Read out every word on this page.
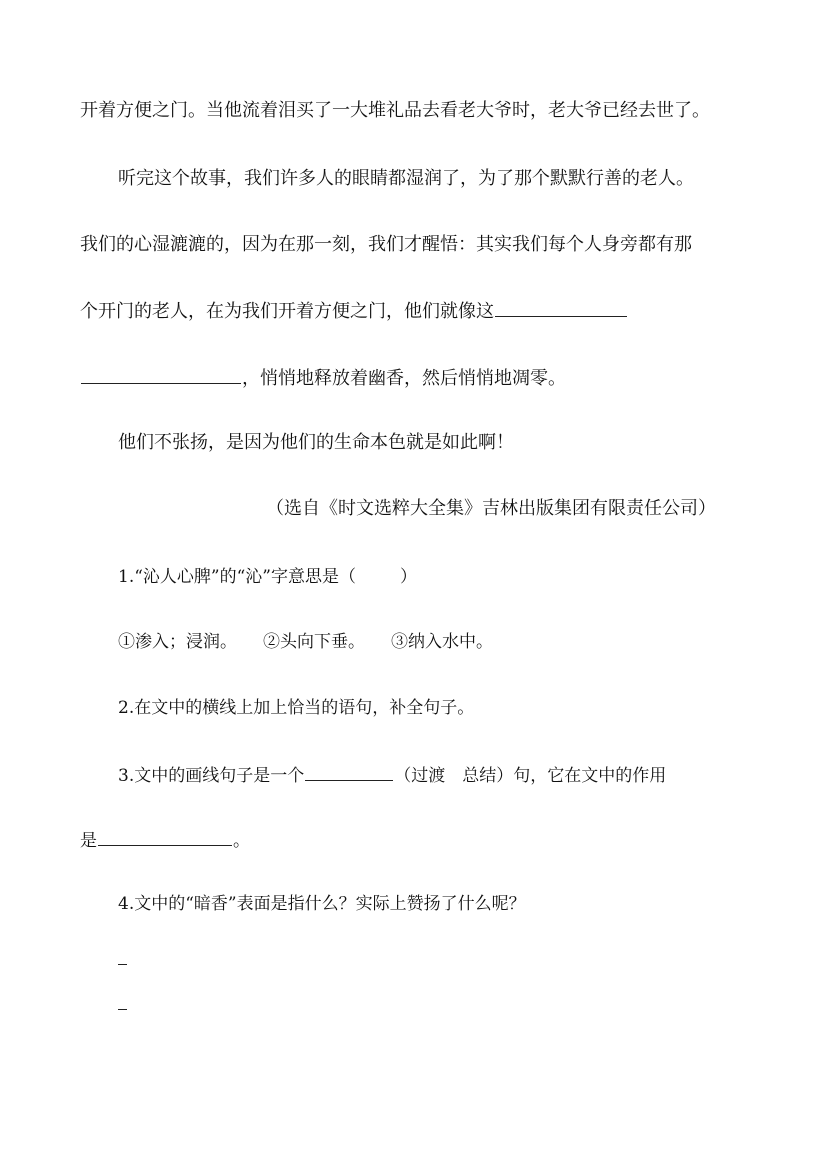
开着方便之门。当他流着泪买了一大堆礼品去看老大爷时，老大爷已经去世了。
听完这个故事，我们许多人的眼睛都湿润了，为了那个默默行善的老人。
我们的心湿漉漉的，因为在那一刻，我们才醒悟：其实我们每个人身旁都有那
个开门的老人，在为我们开着方便之门，他们就像这
，悄悄地释放着幽香，然后悄悄地凋零。
他们不张扬，是因为他们的生命本色就是如此啊！
（选自《时文选粹大全集》吉林出版集团有限责任公司）
1.“沁人心脾”的“沁”字意思是（	）
①渗入；浸润。 ②头向下垂。 ③纳入水中。
2.在文中的横线上加上恰当的语句，补全句子。
3.文中的画线句子是一个	（过渡　总结）句，它在文中的作用
是	。
4.文中的“暗香”表面是指什么？实际上赞扬了什么呢？
